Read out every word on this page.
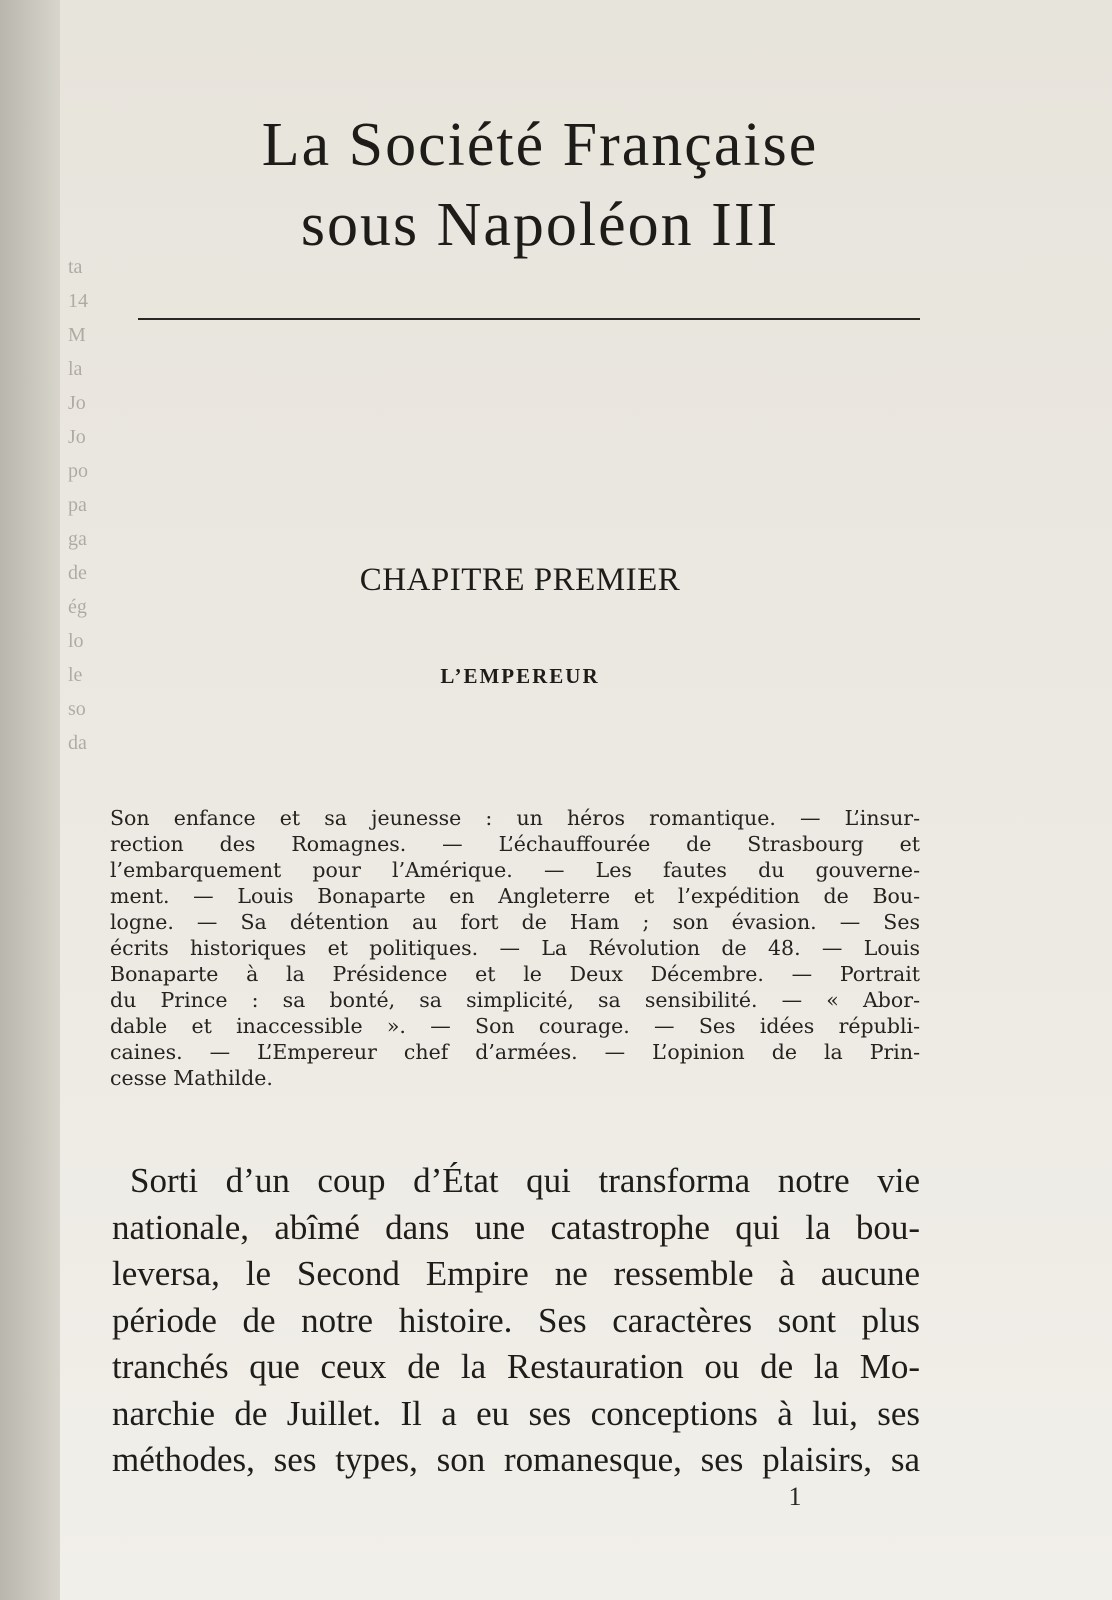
ta
14
M
la
Jo
Jo
po
pa
ga
de
ég
lo
le
so
da
La Société Française
sous Napoléon III
CHAPITRE PREMIER
L’EMPEREUR
Son enfance et sa jeunesse : un héros romantique. — L’insur-
rection des Romagnes. — L’échauffourée de Strasbourg et
l’embarquement pour l’Amérique. — Les fautes du gouverne-
ment. — Louis Bonaparte en Angleterre et l’expédition de Bou-
logne. — Sa détention au fort de Ham ; son évasion. — Ses
écrits historiques et politiques. — La Révolution de 48. — Louis
Bonaparte à la Présidence et le Deux Décembre. — Portrait
du Prince : sa bonté, sa simplicité, sa sensibilité. — « Abor-
dable et inaccessible ». — Son courage. — Ses idées républi-
caines. — L’Empereur chef d’armées. — L’opinion de la Prin-
cesse Mathilde.
Sorti d’un coup d’État qui transforma notre vie
nationale, abîmé dans une catastrophe qui la bou-
leversa, le Second Empire ne ressemble à aucune
période de notre histoire. Ses caractères sont plus
tranchés que ceux de la Restauration ou de la Mo-
narchie de Juillet. Il a eu ses conceptions à lui, ses
méthodes, ses types, son romanesque, ses plaisirs, sa
1
